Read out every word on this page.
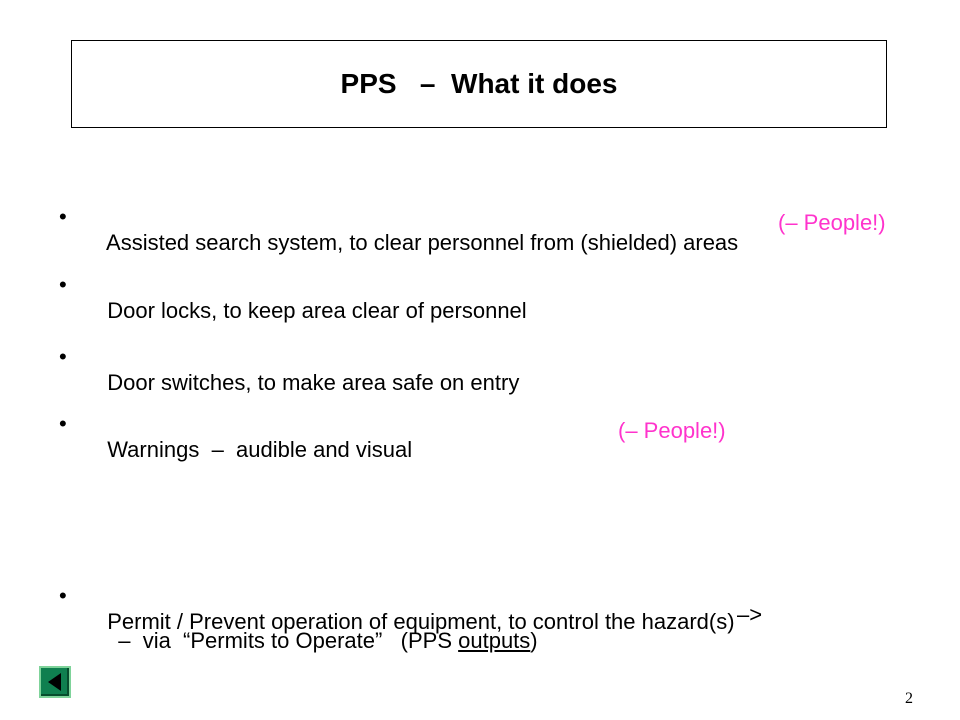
PPS   –  What it does

•

Assisted search system, to clear personnel from (shielded) areas

(– People!)

•

Door locks, to keep area clear of personnel

•

Door switches, to make area safe on entry

•

Warnings  –  audible and visual

(– People!)

•

Permit / Prevent operation of equipment, to control the hazard(s)

–  via  “Permits to Operate”   (PPS outputs)

–>
2
